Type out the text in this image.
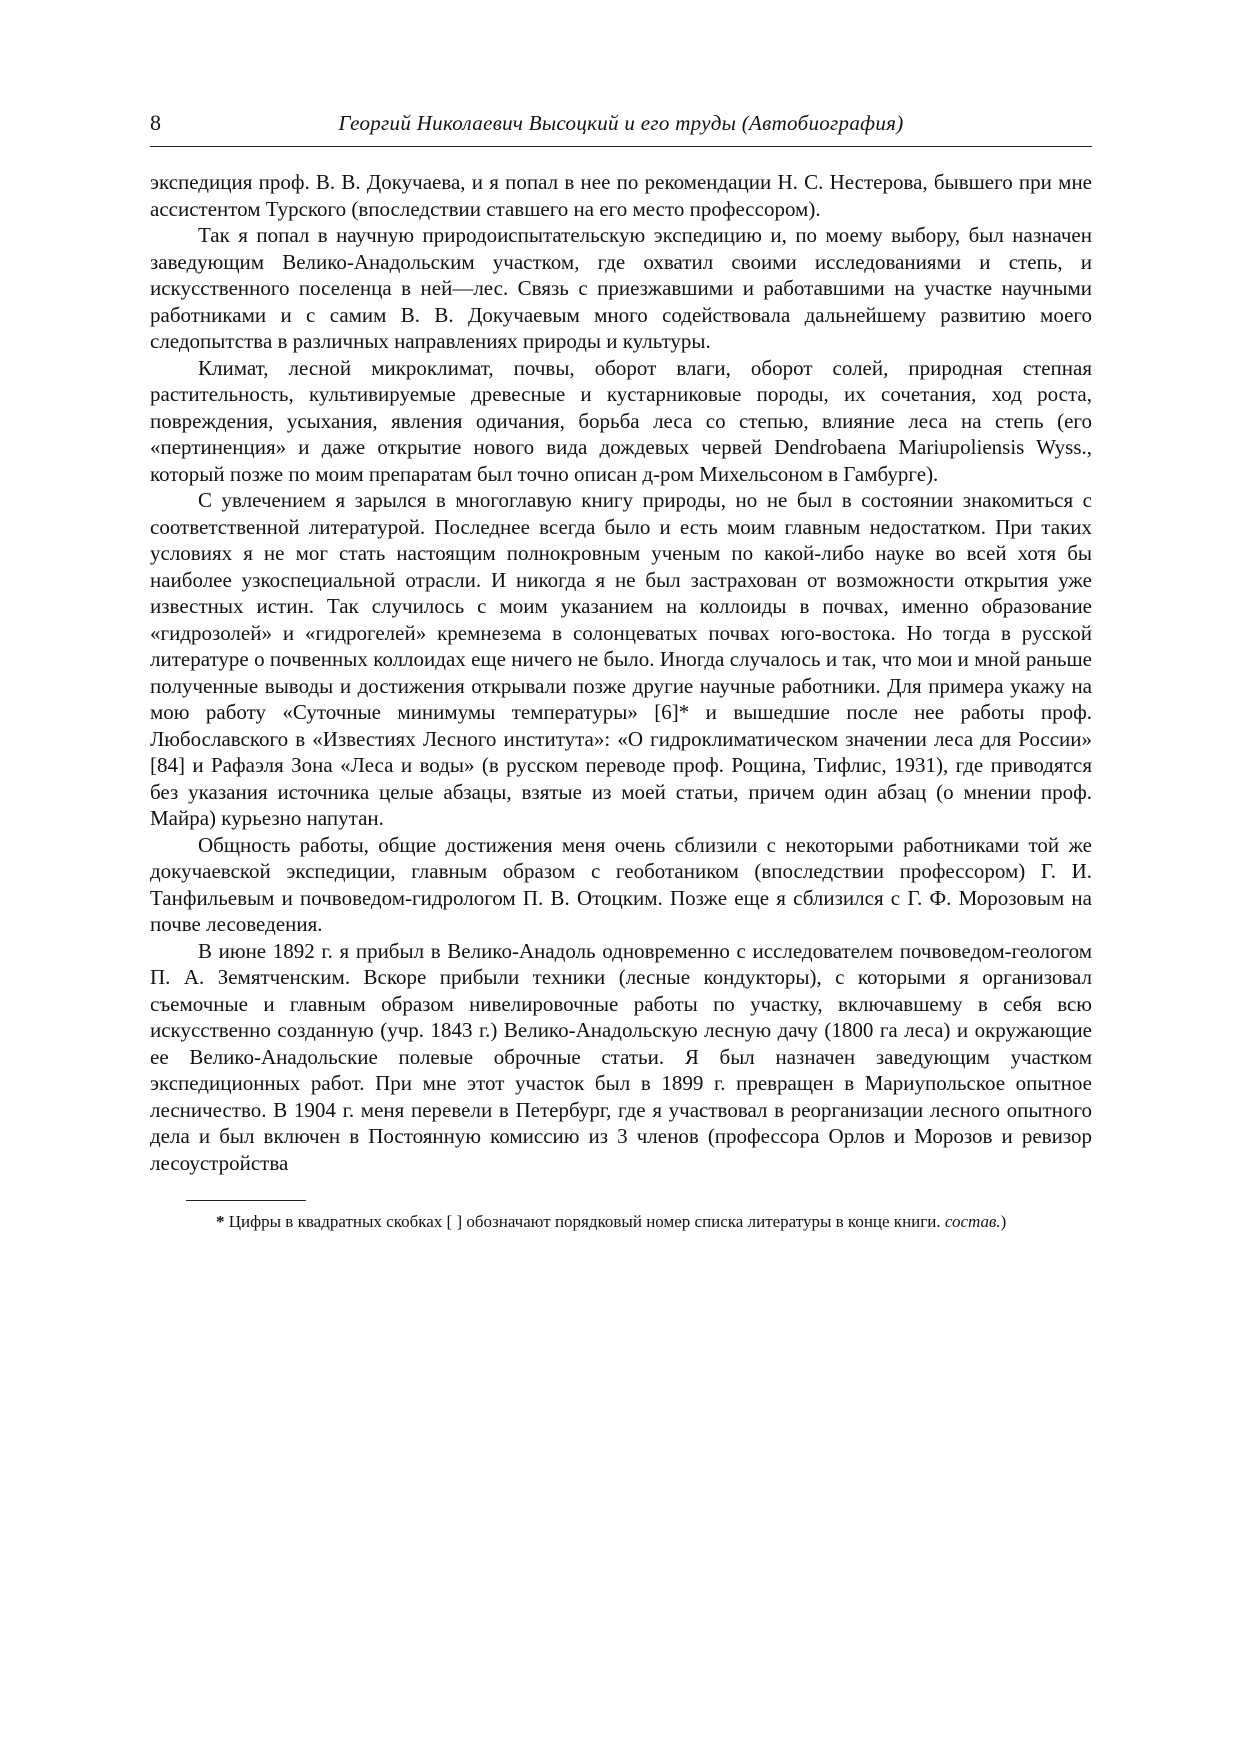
8	Георгий Николаевич Высоцкий и его труды (Автобиография)

экспедиция проф. В. В. Докучаева, и я попал в нее по рекомендации Н. С. Нестерова, бывшего при мне ассистентом Турского (впоследствии ставшего на его место профессором).

Так я попал в научную природоиспытательскую экспедицию и, по моему выбору, был назначен заведующим Велико-Анадольским участком, где охватил своими исследованиями и степь, и искусственного поселенца в ней—лес. Связь с приезжавшими и работавшими на участке научными работниками и с самим В. В. Докучаевым много содействовала дальнейшему развитию моего следопытства в различных направлениях природы и культуры.

Климат, лесной микроклимат, почвы, оборот влаги, оборот солей, природная степная растительность, культивируемые древесные и кустарниковые породы, их сочетания, ход роста, повреждения, усыхания, явления одичания, борьба леса со степью, влияние леса на степь (его «пертиненция» и даже открытие нового вида дождевых червей Dendrobaena Mariupoliensis Wyss., который позже по моим препаратам был точно описан д-ром Михельсоном в Гамбурге).

С увлечением я зарылся в многоглавую книгу природы, но не был в состоянии знакомиться с соответственной литературой. Последнее всегда было и есть моим главным недостатком. При таких условиях я не мог стать настоящим полнокровным ученым по какой-либо науке во всей хотя бы наиболее узкоспециальной отрасли. И никогда я не был застрахован от возможности открытия уже известных истин. Так случилось с моим указанием на коллоиды в почвах, именно образование «гидрозолей» и «гидрогелей» кремнезема в солонцеватых почвах юго-востока. Но тогда в русской литературе о почвенных коллоидах еще ничего не было. Иногда случалось и так, что мои и мной раньше полученные выводы и достижения открывали позже другие научные работники. Для примера укажу на мою работу «Суточные минимумы температуры» [6]* и вышедшие после нее работы проф. Любославского в «Известиях Лесного института»: «О гидроклиматическом значении леса для России» [84] и Рафаэля Зона «Леса и воды» (в русском переводе проф. Рощина, Тифлис, 1931), где приводятся без указания источника целые абзацы, взятые из моей статьи, причем один абзац (о мнении проф. Майра) курьезно напутан.

Общность работы, общие достижения меня очень сблизили с некоторыми работниками той же докучаевской экспедиции, главным образом с геоботаником (впоследствии профессором) Г. И. Танфильевым и почвоведом-гидрологом П. В. Отоцким. Позже еще я сблизился с Г. Ф. Морозовым на почве лесоведения.

В июне 1892 г. я прибыл в Велико-Анадоль одновременно с исследователем почвоведом-геологом П. А. Земятченским. Вскоре прибыли техники (лесные кондукторы), с которыми я организовал съемочные и главным образом нивелировочные работы по участку, включавшему в себя всю искусственно созданную (учр. 1843 г.) Велико-Анадольскую лесную дачу (1800 га леса) и окружающие ее Велико-Анадольские полевые оброчные статьи. Я был назначен заведующим участком экспедиционных работ. При мне этот участок был в 1899 г. превращен в Мариупольское опытное лесничество. В 1904 г. меня перевели в Петербург, где я участвовал в реорганизации лесного опытного дела и был включен в Постоянную комиссию из 3 членов (профессора Орлов и Морозов и ревизор лесоустройства

* Цифры в квадратных скобках [ ] обозначают порядковый номер списка литературы в конце книги. состав.)
